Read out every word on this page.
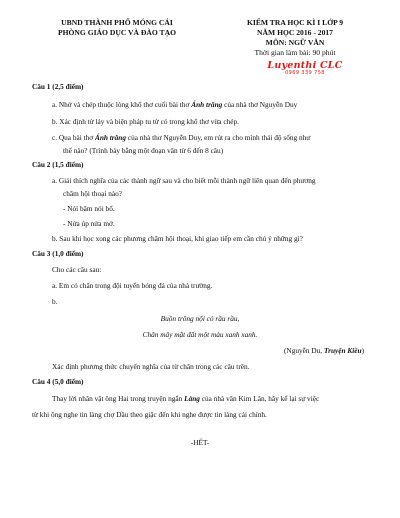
UBND THÀNH PHỐ MÓNG CÁI
PHÒNG GIÁO DỤC VÀ ĐÀO TẠO
KIỂM TRA HỌC KÌ I LỚP 9
NĂM HỌC 2016 - 2017
MÔN: NGỮ VĂN
Thời gian làm bài: 90 phút
Luyenthi CLC
0969 339 758
Câu 1 (2,5 điểm)
a. Nhớ và chép thuộc lòng khổ thơ cuối bài thơ Ánh trăng của nhà thơ Nguyễn Duy
b. Xác định từ láy và biện pháp tu từ có trong khổ thơ vừa chép.
c. Qua bài thơ Ánh trăng của nhà thơ Nguyễn Duy, em rút ra cho mình thái độ sống như
thế nào? (Trình bày bằng một đoạn văn từ 6 đến 8 câu)
Câu 2 (1,5 điểm)
a. Giải thích nghĩa của các thành ngữ sau và cho biết mỗi thành ngữ liên quan đến phương
châm hội thoại nào?
- Nói băm nói bổ.
- Nửa úp nửa mở.
b. Sau khi học xong các phương châm hội thoại, khi giao tiếp em cần chú ý những gì?
Câu 3 (1,0 điểm)
Cho các câu sau:
a. Em có chân trong đội tuyển bóng đá của nhà trường.
b.
Buồn trông nội cỏ rầu rầu,
Chân mây mặt đất một màu xanh xanh.
(Nguyễn Du, Truyện Kiều)
Xác định phương thức chuyển nghĩa của từ chân trong các câu trên.
Câu 4 (5,0 điểm)
Thay lời nhân vật ông Hai trong truyện ngắn Làng của nhà văn Kim Lân, hãy kể lại sự việc
từ khi ông nghe tin làng chợ Dầu theo giặc đến khi nghe được tin làng cải chính.
-HẾT-
